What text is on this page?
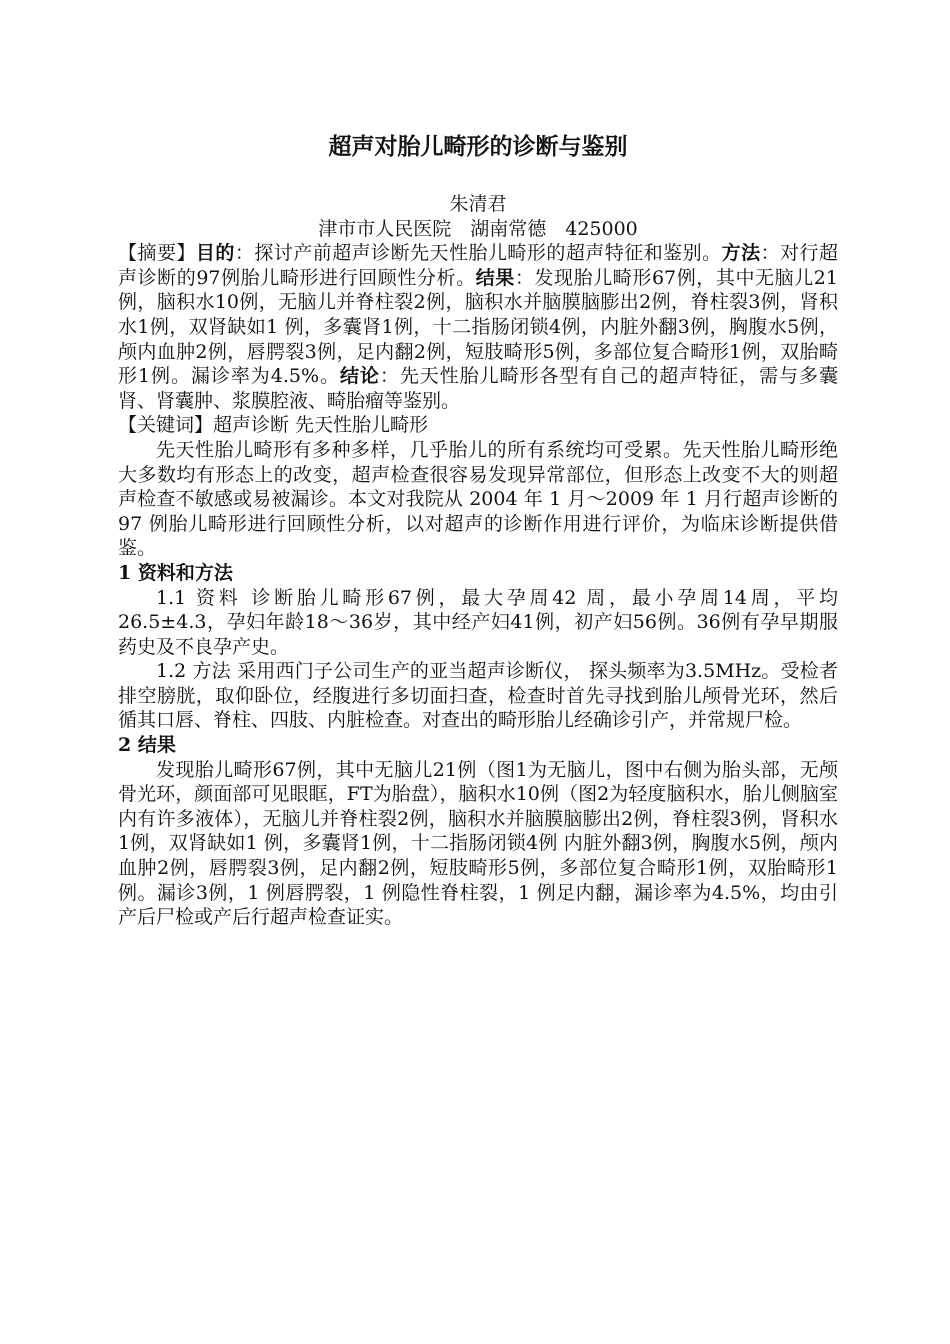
超声对胎儿畸形的诊断与鉴别
朱清君
津市市人民医院　湖南常德　425000

【摘要】目的：探讨产前超声诊断先天性胎儿畸形的超声特征和鉴别。方法：对行超声诊断的97例胎儿畸形进行回顾性分析。结果：发现胎儿畸形67例，其中无脑儿21例，脑积水10例，无脑儿并脊柱裂2例，脑积水并脑膜脑膨出2例，脊柱裂3例，肾积水1例，双肾缺如1 例，多囊肾1例，十二指肠闭锁4例，内脏外翻3例，胸腹水5例，颅内血肿2例，唇腭裂3例，足内翻2例，短肢畸形5例，多部位复合畸形1例，双胎畸形1例。漏诊率为4.5%。结论：先天性胎儿畸形各型有自己的超声特征，需与多囊肾、肾囊肿、浆膜腔液、畸胎瘤等鉴别。

【关键词】超声诊断 先天性胎儿畸形

先天性胎儿畸形有多种多样，几乎胎儿的所有系统均可受累。先天性胎儿畸形绝大多数均有形态上的改变，超声检查很容易发现异常部位，但形态上改变不大的则超声检查不敏感或易被漏诊。本文对我院从 2004 年 1 月～2009 年 1 月行超声诊断的 97 例胎儿畸形进行回顾性分析，以对超声的诊断作用进行评价，为临床诊断提供借鉴。

1 资料和方法

1.1 资料 诊断胎儿畸形67例，最大孕周42 周，最小孕周14周，平均26.5±4.3，孕妇年龄18～36岁，其中经产妇41例，初产妇56例。36例有孕早期服药史及不良孕产史。

1.2 方法 采用西门子公司生产的亚当超声诊断仪， 探头频率为3.5MHz。受检者排空膀胱，取仰卧位，经腹进行多切面扫查，检查时首先寻找到胎儿颅骨光环，然后循其口唇、脊柱、四肢、内脏检查。对查出的畸形胎儿经确诊引产，并常规尸检。

2 结果

发现胎儿畸形67例，其中无脑儿21例（图1为无脑儿，图中右侧为胎头部，无颅骨光环，颜面部可见眼眶，FT为胎盘），脑积水10例（图2为轻度脑积水，胎儿侧脑室内有许多液体），无脑儿并脊柱裂2例，脑积水并脑膜脑膨出2例，脊柱裂3例，肾积水1例，双肾缺如1 例，多囊肾1例，十二指肠闭锁4例 内脏外翻3例，胸腹水5例，颅内血肿2例，唇腭裂3例，足内翻2例，短肢畸形5例，多部位复合畸形1例，双胎畸形1例。漏诊3例，1 例唇腭裂，1 例隐性脊柱裂，1 例足内翻，漏诊率为4.5%，均由引产后尸检或产后行超声检查证实。
